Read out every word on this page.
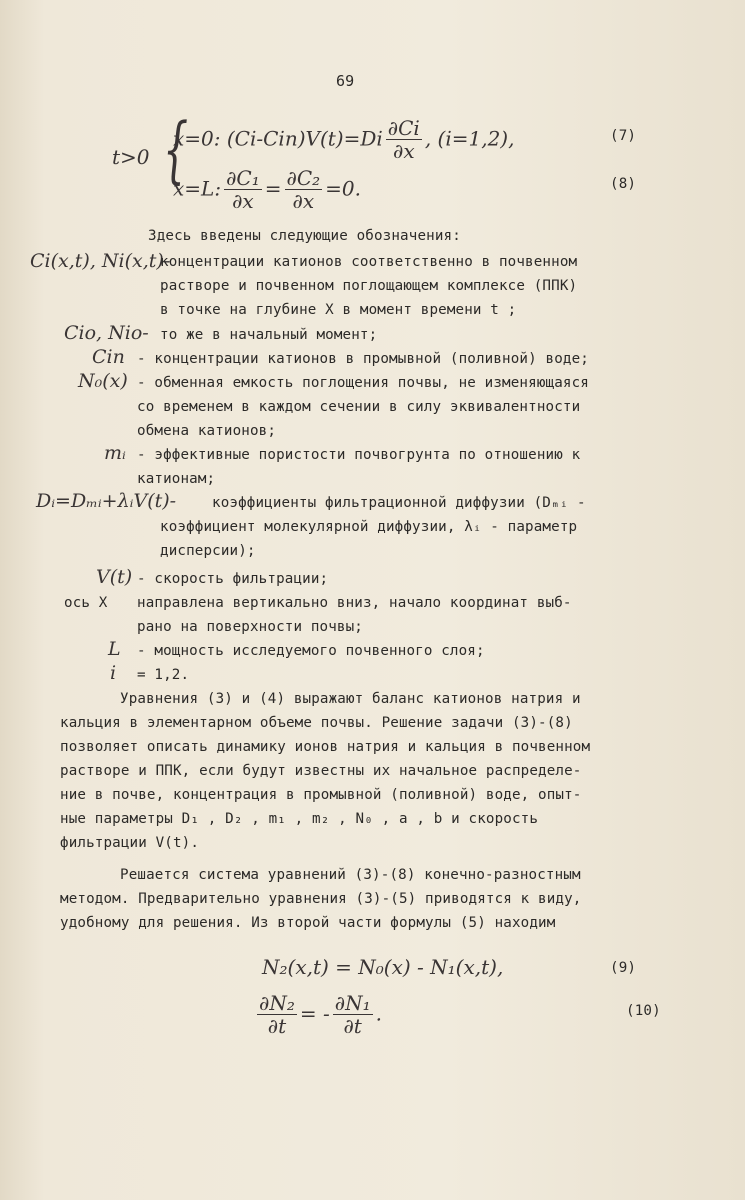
69
t>0 {
x=0: $(Ci-Cin)V(t)=Di \frac{\partial Ci}{\partial x}$ , (i=1,2),	(7)
x=L: $\frac{\text{∂C₁}}{\partial x} = \frac{\text{∂C₂}}{\partial x} =0$.	(8)
Здесь введены следующие обозначения:
Ci(x,t), Ni(x,t)-
концентрации катионов соответственно в почвенном
растворе и почвенном поглощающем комплексе (ППК)
в точке на глубине X в момент времени t ;
Cio, Nio- то же в начальный момент;
Cin - концентрации катионов в промывной (поливной) воде;
N₀(x) - обменная емкость поглощения почвы, не изменяющаяся
со временем в каждом сечении в силу эквивалентности
обмена катионов;
mᵢ - эффективные пористости почвогрунта по отношению к
катионам;
Dᵢ=Dₘᵢ+λᵢV(t)-	коэффициенты фильтрационной диффузии (Dₘᵢ -
коэффициент молекулярной диффузии, λᵢ - параметр
дисперсии);
V(t) - скорость фильтрации;
ось X направлена вертикально вниз, начало координат выб-
рано на поверхности почвы;
L - мощность исследуемого почвенного слоя;
i = 1,2.
Уравнения (3) и (4) выражают баланс катионов натрия и
кальция в элементарном объеме почвы. Решение задачи (3)-(8)
позволяет описать динамику ионов натрия и кальция в почвенном
растворе и ППК, если будут известны их начальное распределе-
ние в почве, концентрация в промывной (поливной) воде, опыт-
ные параметры D₁ , D₂ , m₁ , m₂ , N₀ , a , b и скорость
фильтрации V(t).
Решается система уравнений (3)-(8) конечно-разностным
методом. Предварительно уравнения (3)-(5) приводятся к виду,
удобному для решения. Из второй части формулы (5) находим
N₂(x,t) = N₀(x) - N₁(x,t),	(9)
$\frac{\text{∂N₂}}{\partial t}$ = - $\frac{\text{∂N₁}}{\partial t}$ .	(10)
